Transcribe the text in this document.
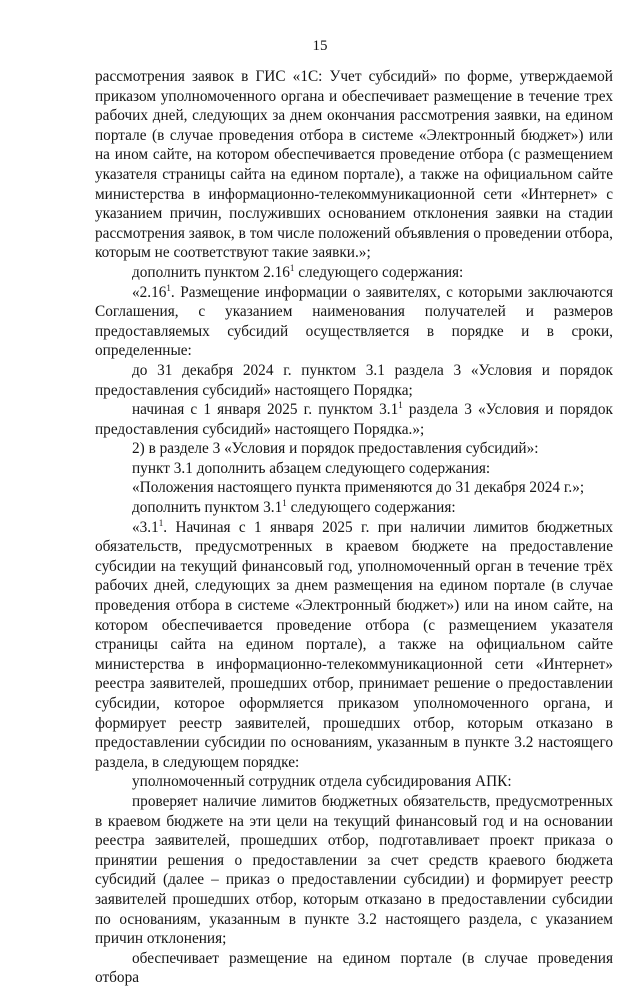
15

рассмотрения заявок в ГИС «1С: Учет субсидий» по форме, утверждаемой приказом уполномоченного органа и обеспечивает размещение в течение трех рабочих дней, следующих за днем окончания рассмотрения заявки, на едином портале (в случае проведения отбора в системе «Электронный бюджет») или на ином сайте, на котором обеспечивается проведение отбора (с размещением указателя страницы сайта на едином портале), а также на официальном сайте министерства в информационно-телекоммуникационной сети «Интернет» с указанием причин, послуживших основанием отклонения заявки на стадии рассмотрения заявок, в том числе положений объявления о проведении отбора, которым не соответствуют такие заявки.»;

дополнить пунктом 2.16$^1$ следующего содержания:

«2.16$^1$. Размещение информации о заявителях, с которыми заключаются Соглашения, с указанием наименования получателей и размеров предоставляемых субсидий осуществляется в порядке и в сроки, определенные:

до 31 декабря 2024 г. пунктом 3.1 раздела 3 «Условия и порядок предоставления субсидий» настоящего Порядка;

начиная с 1 января 2025 г. пунктом $3.1^1$ раздела 3 «Условия и порядок предоставления субсидий» настоящего Порядка.»;

2) в разделе 3 «Условия и порядок предоставления субсидий»:

пункт 3.1 дополнить абзацем следующего содержания:

«Положения настоящего пункта применяются до 31 декабря 2024 г.»;

дополнить пунктом $3.1^1$ следующего содержания:

«$3.1^1$. Начиная с 1 января 2025 г. при наличии лимитов бюджетных обязательств, предусмотренных в краевом бюджете на предоставление субсидии на текущий финансовый год, уполномоченный орган в течение трёх рабочих дней, следующих за днем размещения на едином портале (в случае проведения отбора в системе «Электронный бюджет») или на ином сайте, на котором обеспечивается проведение отбора (с размещением указателя страницы сайта на едином портале), а также на официальном сайте министерства в информационно-телекоммуникационной сети «Интернет» реестра заявителей, прошедших отбор, принимает решение о предоставлении субсидии, которое оформляется приказом уполномоченного органа, и формирует реестр заявителей, прошедших отбор, которым отказано в предоставлении субсидии по основаниям, указанным в пункте 3.2 настоящего раздела, в следующем порядке:

уполномоченный сотрудник отдела субсидирования АПК:

проверяет наличие лимитов бюджетных обязательств, предусмотренных в краевом бюджете на эти цели на текущий финансовый год и на основании реестра заявителей, прошедших отбор, подготавливает проект приказа о принятии решения о предоставлении за счет средств краевого бюджета субсидий (далее – приказ о предоставлении субсидии) и формирует реестр заявителей прошедших отбор, которым отказано в предоставлении субсидии по основаниям, указанным в пункте 3.2 настоящего раздела, с указанием причин отклонения;

обеспечивает размещение на едином портале (в случае проведения отбора
